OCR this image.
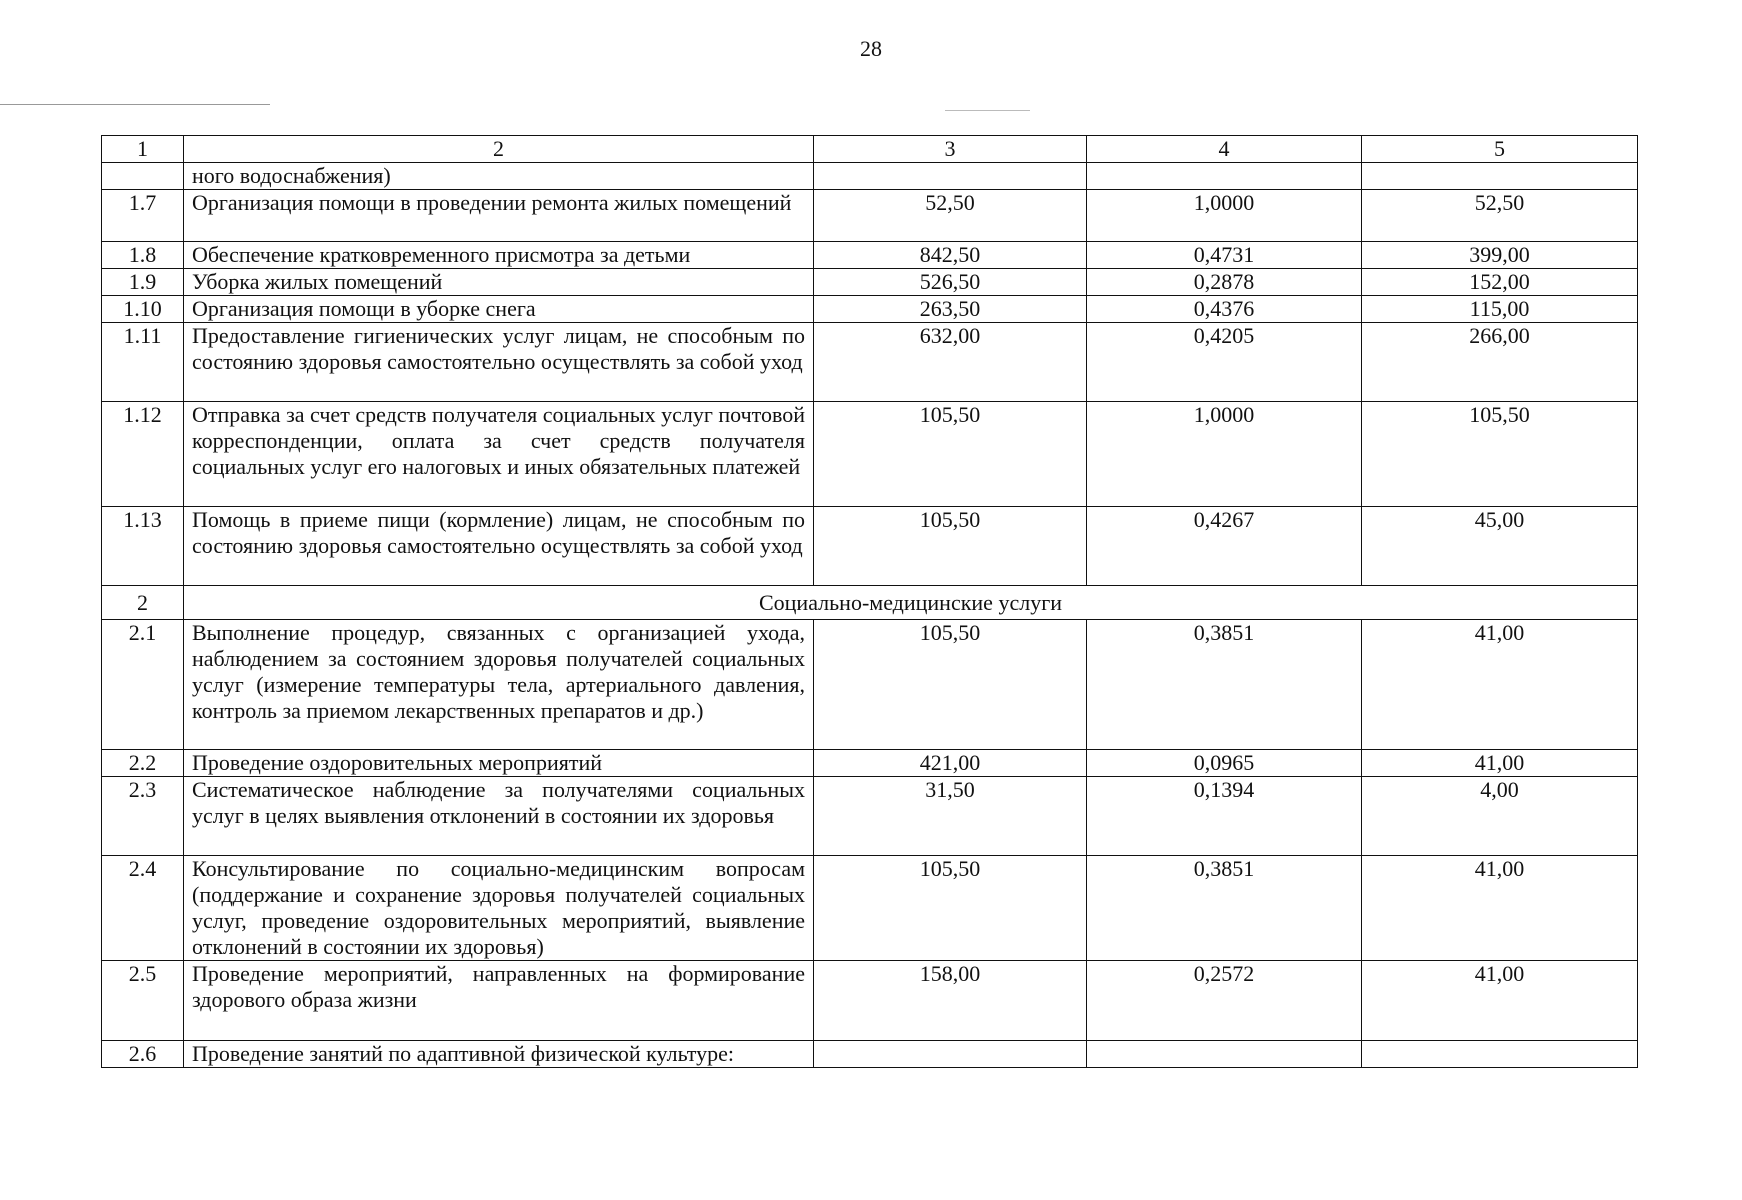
28
1	2	3	4	5
	ного водоснабжения)			
1.7	Организация помощи в проведении ремонта жилых помещений	52,50	1,0000	52,50
1.8	Обеспечение кратковременного присмотра за детьми	842,50	0,4731	399,00
1.9	Уборка жилых помещений	526,50	0,2878	152,00
1.10	Организация помощи в уборке снега	263,50	0,4376	115,00
1.11	Предоставление гигиенических услуг лицам, не способным по состоянию здоровья самостоятельно осуществлять за собой уход	632,00	0,4205	266,00
1.12	Отправка за счет средств получателя социальных услуг почтовой корреспонденции, оплата за счет средств получателя социальных услуг его налоговых и иных обязательных платежей	105,50	1,0000	105,50
1.13	Помощь в приеме пищи (кормление) лицам, не способным по состоянию здоровья самостоятельно осуществлять за собой уход	105,50	0,4267	45,00
2	Социально-медицинские услуги			
2.1	Выполнение процедур, связанных с организацией ухода, наблюдением за состоянием здоровья получателей социальных услуг (измерение температуры тела, артериального давления, контроль за приемом лекарственных препаратов и др.)	105,50	0,3851	41,00
2.2	Проведение оздоровительных мероприятий	421,00	0,0965	41,00
2.3	Систематическое наблюдение за получателями социальных услуг в целях выявления отклонений в состоянии их здоровья	31,50	0,1394	4,00
2.4	Консультирование по социально-медицинским вопросам (поддержание и сохранение здоровья получателей социальных услуг, проведение оздоровительных мероприятий, выявление отклонений в состоянии их здоровья)	105,50	0,3851	41,00
2.5	Проведение мероприятий, направленных на формирование здорового образа жизни	158,00	0,2572	41,00
2.6	Проведение занятий по адаптивной физической культуре:			
